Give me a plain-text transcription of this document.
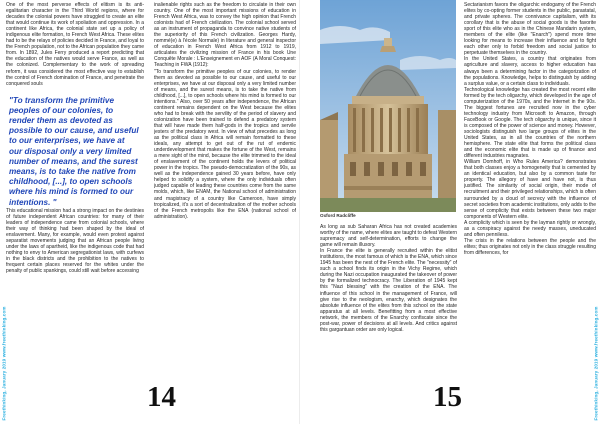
One of the most perverse effects of elitism is its anti-egalitarian character in the Third World regions, where for decades the colonial powers have struggled to create an elite that would continue its work of spoliation and oppression. In a continent like Africa, the colonial state set up a policy of indigenous elite formation, to French West Africa. These elites had to be the relays of policies decided in France, and loyal to the French population, not to the African population they came from. In 1892, Jules Ferry produced a report predicting that the education of the natives would serve France, as well as the colonized. Complementary to the work of spreading reform, it was considered the most effective way to establish the control of French domination of France, and penetrate the conquered souls

"To transform the primitive peoples of our colonies, to render them as devoted as possible to our cause, and useful to our enterprises, we have at our disposal only a very limited number of means, and the surest means, is to take the native from childhood, [...], to open schools where his mind is formed to our intentions. "

This educational mission had a strong impact on the destinies of future independent African countries: for many of their leaders of independence came from colonial schools, where their way of thinking had been shaped by the ideal of enslavement. Many, for example, would even protest against separatist movements judging that an African people living under the laws of apartheid, like the indigenous code that had nothing to envy to American segregationist laws, with curfews in the black districts and the prohibition to the natives to frequent certain places reserved for the whites under the penalty of public spankings, could still wait before accessing

inalienable rights such as the freedom to circulate in their own country. One of the most important missions of education in French West Africa, was to convey the high opinion that French colonists had of French civilization. The colonial school served as an instrument of propaganda to convince native students of the superiority of this French civilization. Georges Hardy, nommé(e) à l'école Normale) in literature and general inspector of education in French West Africa from 1912 to 1919, articulates the civilizing mission of France in his book Une Conquête Morale : L'Enseignement en AOF (A Moral Conquest: Teaching in FWA (1912):

"To transform the primitive peoples of our colonies, to render them as devoted as possible to our cause, and useful to our enterprises, we have at our disposal only a very limited number of means, and the surest means, is to take the native from childhood, [...], to open schools where his mind is formed to our intentions." Also, over 50 years after independence, the African continent remains dependent on the West because the elites who had to break with the servility of the period of slavery and colonization have been trained to defend a predatory system that will have made them half-gods in the tropics and servile jesters of the predatory west. In view of what precedes as long as the political class in Africa will remain formatted to these ideals, any attempt to get out of the rut of endemic underdevelopment that makes the fortune of the West, remains a mere sight of the mind, because the elite trimmed to the ideal of enslavement of the continent holds the levers of political power in the tropics. The pseudo-democratization of the 90s, as well as the independence gained 30 years before, have only helped to solidify a system, where the only individuals often judged capable of leading these countries come from the same molds, which, like ENAM, the National school of administration and magistracy of a country like Cameroon, have simply tropicalized, it's a sort of decentralization of the mother schools of the French metropolis like the ENA (national school of administration).

14
Freethinking, January 2019 www.freethinking.com
Oxford Radcliffe

As long as sub Saharan Africa has not created academies worthy of the name, where elites are taught to defeat Western supremacy and self-determination, efforts to change the game will remain illusory.

In France the elite is generally recruited within the elitist institutions, the most famous of which is the ENA, which since 1945 has been the nest of the French elite. The "necessity" of such a school finds its origin in the Vichy Regime, which during the Nazi occupation inaugurated the takeover of power by the formalized technocracy. The Liberation of 1945 kept this "Nazi blessing" with the creation of the ENA. The influence of this school in the management of France, will give rise to the neologism, enarchy, which designates the absolute influence of the elites from this school on the state apparatus at all levels. Benefitting from a most effective network, the members of the Enarchy confiscate since the post-war, power of decisions at all levels. And critics against this gargantuan order are only logical.

Sectarianism favors the oligarchic endogamy of the French elites by co-opting former students in the public, parastatal, and private spheres. The connivance capitalism, with its corollary that is the abuse of social goods is the favorite sport of this elite who as in the Chinese Mandarin system, members of the elite (like "Enarch") spend more time looking for means to increase their influence and to fight each other only to forbid freedom and social justice to perpetuate themselves in the country.

In the United States, a country that originates from agriculture and slavery, access to higher education has always been a determining factor in the categorization of the populations. Knowledge, helps to distinguish by adding a surplus value, or a certain class to individuals.

Technological knowledge has created the most recent elite formed by the tech oligarchy, which developed in the age of computerization of the 1970s, and the Internet in the 90s. The biggest fortunes are recruited now in the cyber technology industry from Microsoft to Amazon, through FaceBook or Google. The tech oligarchy is unique, since it is composed of the power of science and money. However, sociologists distinguish two large groups of elites in the United States, as in all the countries of the northern hemisphere. The state elite that forms the political class and the economic elite that is made up of finance and different industries magnates.

William Domhoff, in Who Rules America? demonstrates that both classes enjoy a homogeneity that is cemented by an identical education, but also by a common taste for property. The allegory of have and have not, is thus justified. The similarity of social origin, their mode of recruitment and their privileged relationships, which is often surrounded by a cloud of secrecy with the influence of secret societies from academic institutions, only adds to the sense of complicity that exists between these two major components of Western elite.

A complicity which is seen by the layman rightly or wrongly, as a conspiracy against the needy masses, uneducated and often penniless.

The crisis in the relations between the people and the elites; thus originates not only in the class struggle resulting from differences, for

15	Freethinking, January 2019 www.freethinking.com
